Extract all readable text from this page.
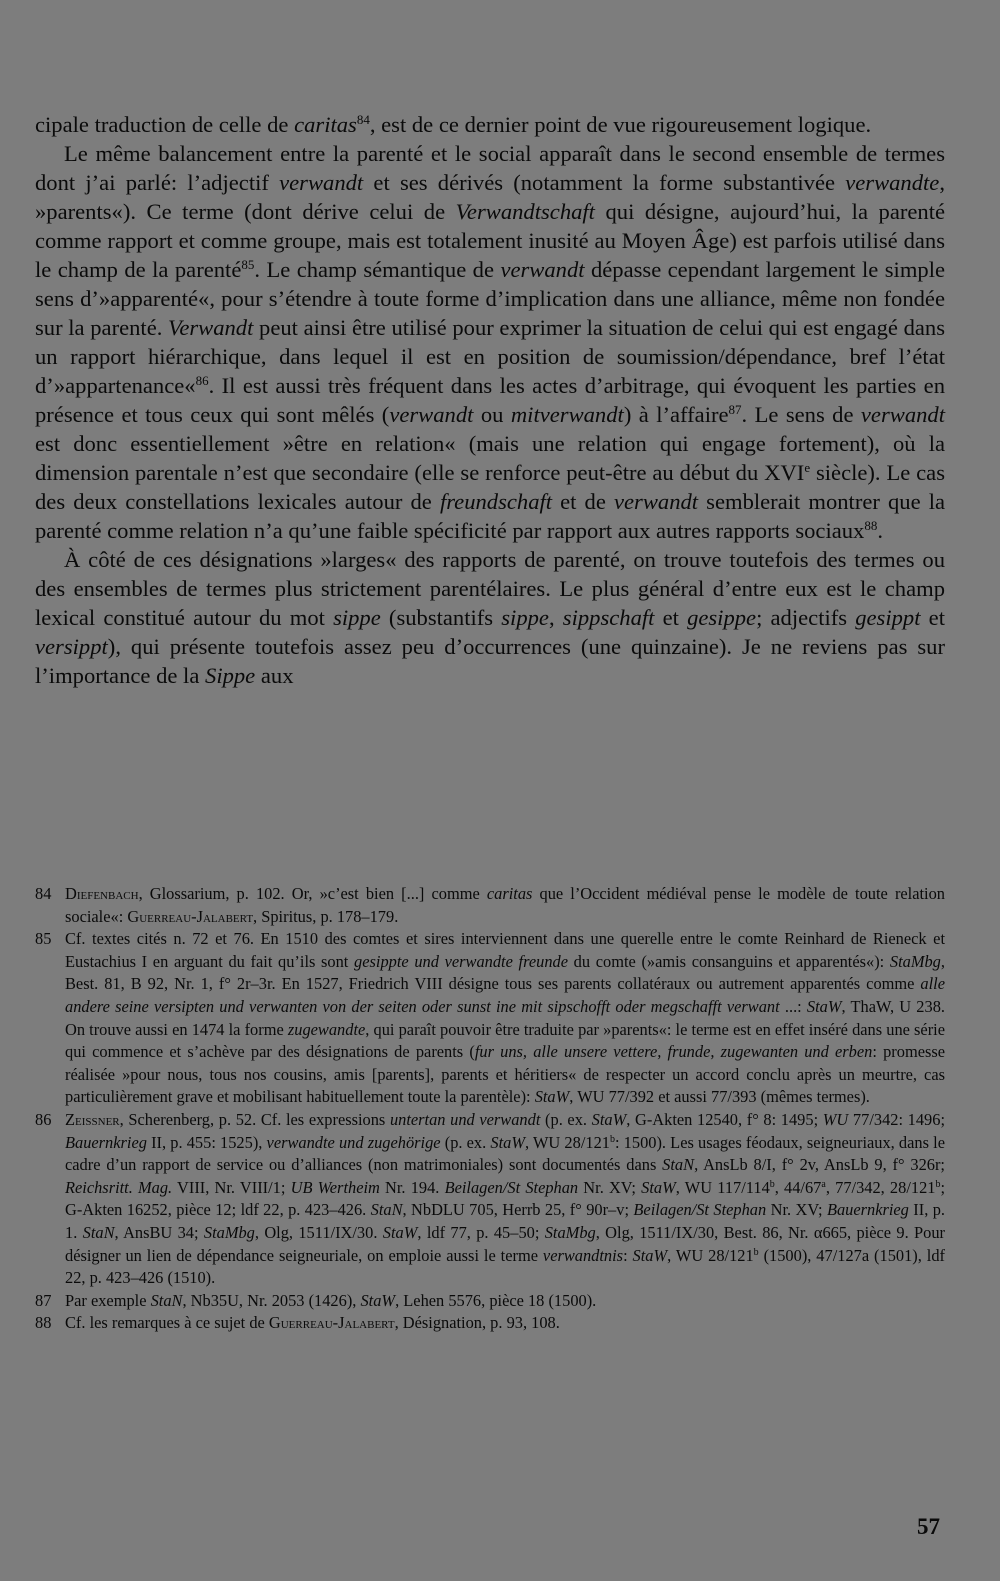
cipale traduction de celle de caritas$^{84}$, est de ce dernier point de vue rigoureusement logique.

Le même balancement entre la parenté et le social apparaît dans le second ensemble de termes dont j’ai parlé: l’adjectif verwandt et ses dérivés (notamment la forme substantivée verwandte, »parents«). Ce terme (dont dérive celui de Verwandtschaft qui désigne, aujourd’hui, la parenté comme rapport et comme groupe, mais est totalement inusité au Moyen Âge) est parfois utilisé dans le champ de la parenté$^{85}$. Le champ sémantique de verwandt dépasse cependant largement le simple sens d’»apparenté«, pour s’étendre à toute forme d’implication dans une alliance, même non fondée sur la parenté. Verwandt peut ainsi être utilisé pour exprimer la situation de celui qui est engagé dans un rapport hiérarchique, dans lequel il est en position de soumission/dépendance, bref l’état d’»appartenance«$^{86}$. Il est aussi très fréquent dans les actes d’arbitrage, qui évoquent les parties en présence et tous ceux qui sont mêlés (verwandt ou mitverwandt) à l’affaire$^{87}$. Le sens de verwandt est donc essentiellement »être en relation« (mais une relation qui engage fortement), où la dimension parentale n’est que secondaire (elle se renforce peut-être au début du XVIe siècle). Le cas des deux constellations lexicales autour de freundschaft et de verwandt semblerait montrer que la parenté comme relation n’a qu’une faible spécificité par rapport aux autres rapports sociaux$^{88}$.

À côté de ces désignations »larges« des rapports de parenté, on trouve toutefois des termes ou des ensembles de termes plus strictement parentélaires. Le plus général d’entre eux est le champ lexical constitué autour du mot sippe (substantifs sippe, sippschaft et gesippe; adjectifs gesippt et versippt), qui présente toutefois assez peu d’occurrences (une quinzaine). Je ne reviens pas sur l’importance de la Sippe aux

84 Diefenbach, Glossarium, p. 102. Or, »c’est bien [...] comme caritas que l’Occident médiéval pense le modèle de toute relation sociale«: Guerreau-Jalabert, Spiritus, p. 178–179.
85 Cf. textes cités n. 72 et 76. En 1510 des comtes et sires interviennent dans une querelle entre le comte Reinhard de Rieneck et Eustachius I en arguant du fait qu’ils sont gesippte und verwandte freunde du comte (»amis consanguins et apparentés«): StaMbg, Best. 81, B 92, Nr. 1, f° 2r–3r. En 1527, Friedrich VIII désigne tous ses parents collatéraux ou autrement apparentés comme alle andere seine versipten und verwanten von der seiten oder sunst ine mit sipschofft oder megschafft verwant ...: StaW, ThaW, U 238. On trouve aussi en 1474 la forme zugewandte, qui paraît pouvoir être traduite par »parents«: le terme est en effet inséré dans une série qui commence et s’achève par des désignations de parents (fur uns, alle unsere vettere, frunde, zugewanten und erben: promesse réalisée »pour nous, tous nos cousins, amis [parents], parents et héritiers« de respecter un accord conclu après un meurtre, cas particulièrement grave et mobilisant habituellement toute la parentèle): StaW, WU 77/392 et aussi 77/393 (mêmes termes).
86 Zeissner, Scherenberg, p. 52. Cf. les expressions untertan und verwandt (p. ex. StaW, G-Akten 12540, f° 8: 1495; WU 77/342: 1496; Bauernkrieg II, p. 455: 1525), verwandte und zugehörige (p. ex. StaW, WU 28/121$^b$: 1500). Les usages féodaux, seigneuriaux, dans le cadre d’un rapport de service ou d’alliances (non matrimoniales) sont documentés dans StaN, AnsLb 8/I, f° 2v, AnsLb 9, f° 326r; Reichsritt. Mag. VIII, Nr. VIII/1; UB Wertheim Nr. 194. Beilagen/St Stephan Nr. XV; StaW, WU 117/114$^b$, 44/67$^a$, 77/342, 28/121$^b$; G-Akten 16252, pièce 12; ldf 22, p. 423–426. StaN, NbDLU 705, Herrb 25, f° 90r–v; Beilagen/St Stephan Nr. XV; Bauernkrieg II, p. 1. StaN, AnsBU 34; StaMbg, Olg, 1511/IX/30. StaW, ldf 77, p. 45–50; StaMbg, Olg, 1511/IX/30, Best. 86, Nr. α665, pièce 9. Pour désigner un lien de dépendance seigneuriale, on emploie aussi le terme verwandtnis: StaW, WU 28/121$^b$ (1500), 47/127a (1501), ldf 22, p. 423–426 (1510).
87 Par exemple StaN, Nb35U, Nr. 2053 (1426), StaW, Lehen 5576, pièce 18 (1500).
88 Cf. les remarques à ce sujet de Guerreau-Jalabert, Désignation, p. 93, 108.
57
